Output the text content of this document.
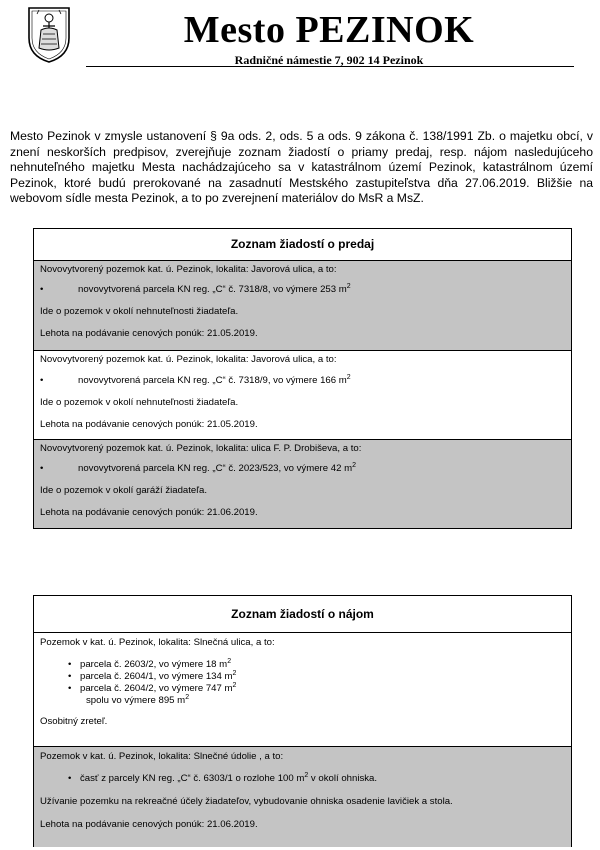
Mesto PEZINOK
Radničné námestie 7, 902 14 Pezinok
Mesto Pezinok v zmysle ustanovení § 9a ods. 2, ods. 5 a ods. 9 zákona č. 138/1991 Zb. o majetku obcí, v znení neskorších predpisov, zverejňuje zoznam žiadostí o priamy predaj, resp. nájom nasledujúceho nehnuteľného majetku Mesta nachádzajúceho sa v katastrálnom území Pezinok, katastrálnom území Pezinok, ktoré budú prerokované na zasadnutí Mestského zastupiteľstva dňa 27.06.2019. Bližšie na webovom sídle mesta Pezinok, a to po zverejnení materiálov do MsR a MsZ.
Zoznam žiadostí o predaj
Novovytvorený pozemok kat. ú. Pezinok, lokalita: Javorová ulica, a to:
•	novovytvorená parcela KN reg. „C“ č. 7318/8, vo výmere 253 $m^2$
Ide o pozemok v okolí nehnuteľnosti žiadateľa.
Lehota na podávanie cenových ponúk: 21.05.2019.
Novovytvorený pozemok kat. ú. Pezinok, lokalita: Javorová ulica, a to:
•	novovytvorená parcela KN reg. „C“ č. 7318/9, vo výmere 166 $m^2$
Ide o pozemok v okolí nehnuteľnosti žiadateľa.
Lehota na podávanie cenových ponúk: 21.05.2019.
Novovytvorený pozemok kat. ú. Pezinok, lokalita: ulica F. P. Drobiševa, a to:
•	novovytvorená parcela KN reg. „C“ č. 2023/523, vo výmere 42 $m^2$
Ide o pozemok v okolí garáží žiadateľa.
Lehota na podávanie cenových ponúk: 21.06.2019.
Zoznam žiadostí o nájom
Pozemok v kat. ú. Pezinok, lokalita: Slnečná ulica, a to:
• parcela č. 2603/2, vo výmere 18 $m^2$
• parcela č. 2604/1, vo výmere 134 $m^2$
• parcela č. 2604/2, vo výmere 747 $m^2$
spolu vo výmere 895 $m^2$
Osobitný zreteľ.
Pozemok v kat. ú. Pezinok, lokalita: Slnečné údolie , a to:
• časť z parcely KN reg. „C“ č. 6303/1 o rozlohe 100 $m^2$ v okolí ohniska.
Užívanie pozemku na rekreačné účely žiadateľov, vybudovanie ohniska osadenie lavičiek a stola.
Lehota na podávanie cenových ponúk: 21.06.2019.
